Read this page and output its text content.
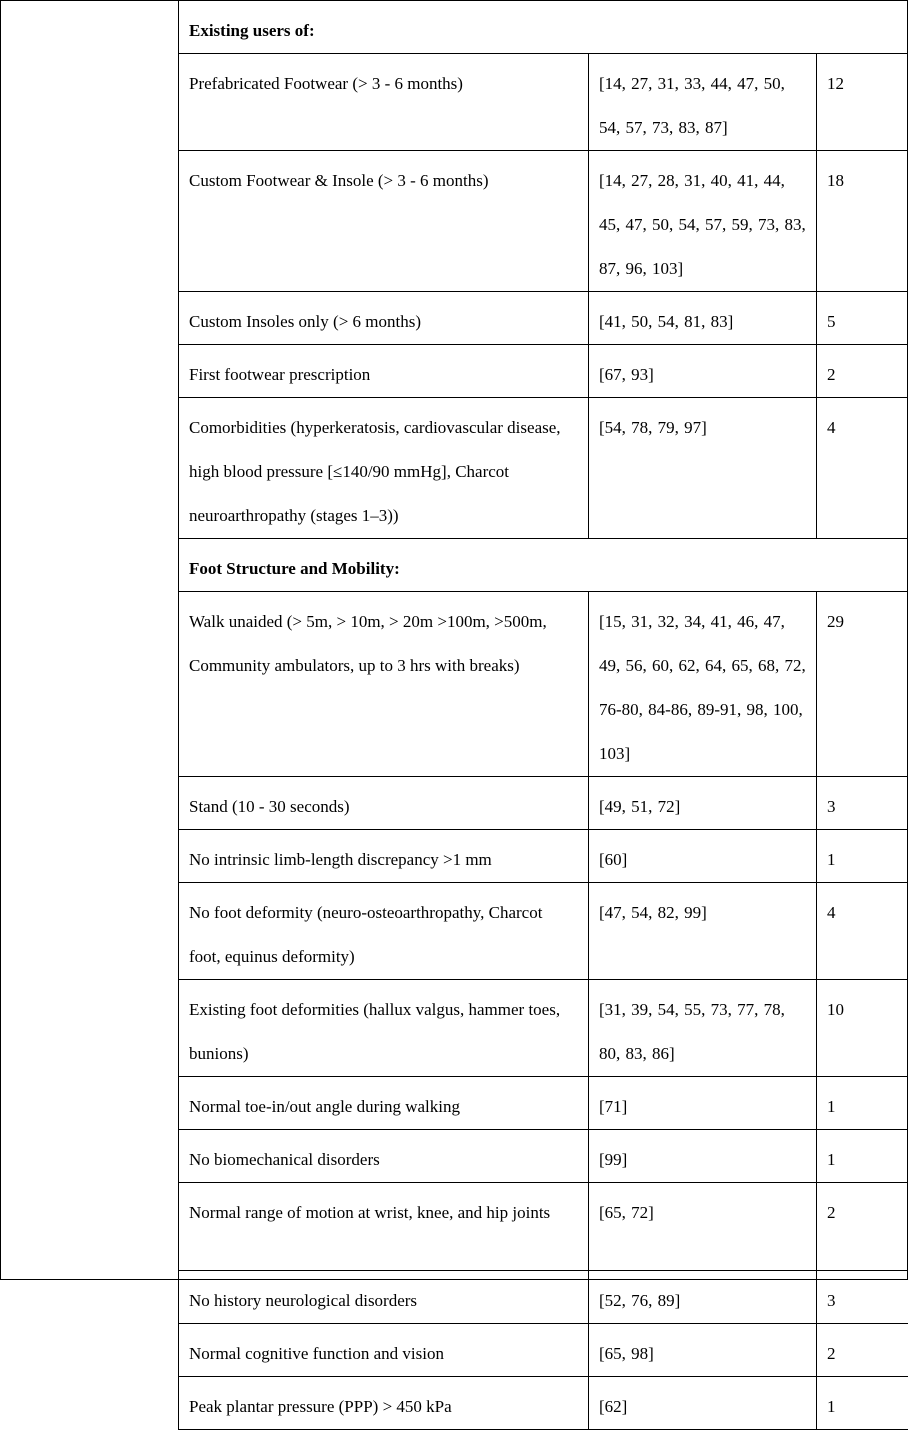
Existing users of:		
Prefabricated Footwear (> 3 - 6 months)	[14, 27, 31, 33, 44, 47, 50, 54, 57, 73, 83, 87]	12
Custom Footwear & Insole (> 3 - 6 months)	[14, 27, 28, 31, 40, 41, 44, 45, 47, 50, 54, 57, 59, 73, 83, 87, 96, 103]	18
Custom Insoles only (> 6 months)	[41, 50, 54, 81, 83]	5
First footwear prescription	[67, 93]	2
Comorbidities (hyperkeratosis, cardiovascular disease, high blood pressure [≤140/90 mmHg], Charcot neuroarthropathy (stages 1–3))	[54, 78, 79, 97]	4
Foot Structure and Mobility:		
Walk unaided (> 5m, > 10m, > 20m >100m, >500m, Community ambulators, up to 3 hrs with breaks)	[15, 31, 32, 34, 41, 46, 47, 49, 56, 60, 62, 64, 65, 68, 72, 76-80, 84-86, 89-91, 98, 100, 103]	29
Stand (10 - 30 seconds)	[49, 51, 72]	3
No intrinsic limb-length discrepancy >1 mm	[60]	1
No foot deformity (neuro-osteoarthropathy, Charcot foot, equinus deformity)	[47, 54, 82, 99]	4
Existing foot deformities (hallux valgus, hammer toes, bunions)	[31, 39, 54, 55, 73, 77, 78, 80, 83, 86]	10
Normal toe-in/out angle during walking	[71]	1
No biomechanical disorders	[99]	1
Normal range of motion at wrist, knee, and hip joints	[65, 72]	2
No history neurological disorders	[52, 76, 89]	3
Normal cognitive function and vision	[65, 98]	2
Peak plantar pressure (PPP) > 450 kPa	[62]	1
